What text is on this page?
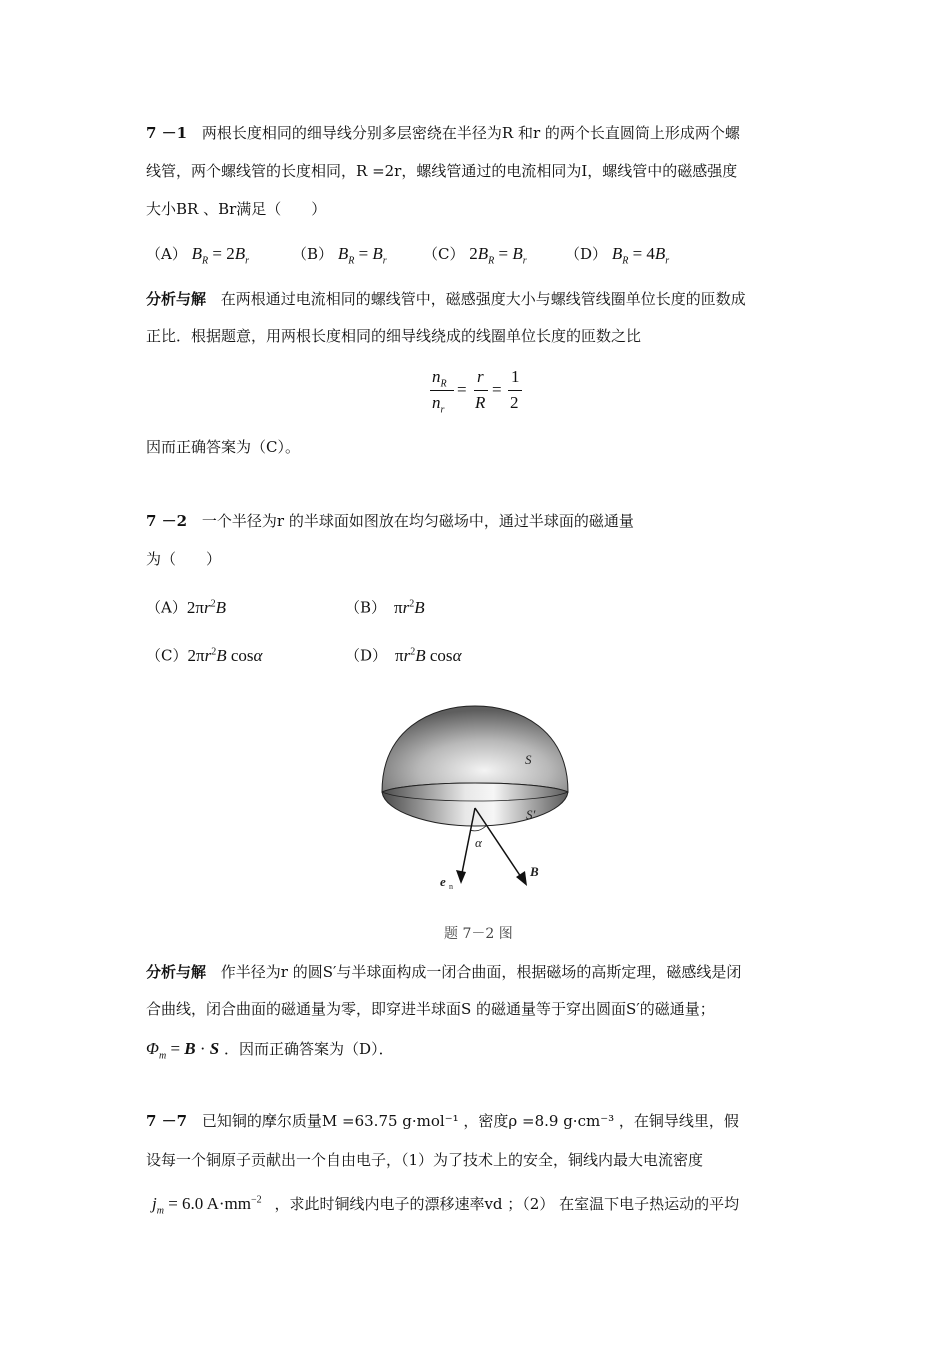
7 －1 两根长度相同的细导线分别多层密绕在半径为R 和r 的两个长直圆筒上形成两个螺
线管，两个螺线管的长度相同，R =2r，螺线管通过的电流相同为I，螺线管中的磁感强度
大小BR 、Br满足（　　）
（A） $B_R = 2B_r$	（B） $B_R = B_r$ （C） $2B_R = B_r$	（D） $B_R = 4B_r$
分析与解 在两根通过电流相同的螺线管中，磁感强度大小与螺线管线圈单位长度的匝数成
正比．根据题意，用两根长度相同的细导线绕成的线圈单位长度的匝数之比
$n_R$
$n_r$
=
r
R
=
1
2
因而正确答案为（C）。
7 －2 一个半径为r 的半球面如图放在均匀磁场中，通过半球面的磁通量
为（　　）
$(A)2\pi r^2B$	（B） $\pi r^2B$
$(C)2\pi r^2B$ cosα	（D） $\pi r^2B$ cosα
S
S′
α
e n
B
题 7－2 图
分析与解 作半径为r 的圆S′与半球面构成一闭合曲面，根据磁场的高斯定理，磁感线是闭
合曲线，闭合曲面的磁通量为零，即穿进半球面S 的磁通量等于穿出圆面S′的磁通量；
$\Phi_m = B \cdot S$ ．因而正确答案为（D）．
7 －7 已知铜的摩尔质量M =63.75 g·mol⁻¹ ，密度ρ =8.9 g·cm⁻³ ，在铜导线里，假
设每一个铜原子贡献出一个自由电子，（1）为了技术上的安全，铜线内最大电流密度
$j_m = 6.0$ $A\cdot mm^{-2}$ ，求此时铜线内电子的漂移速率vd ；（2） 在室温下电子热运动的平均
